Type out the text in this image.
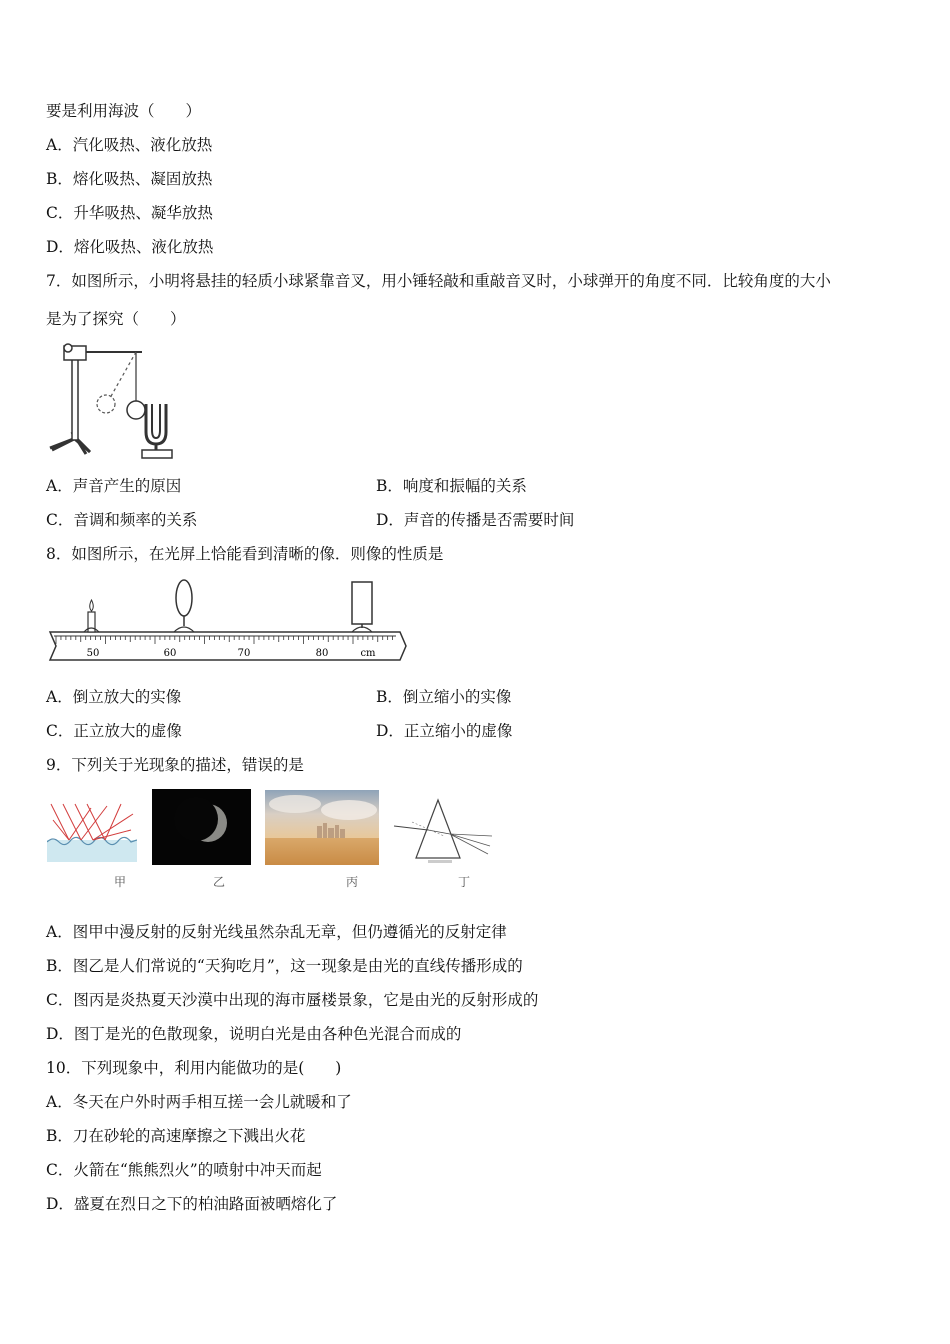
要是利用海波（　　）
A．汽化吸热、液化放热
B．熔化吸热、凝固放热
C．升华吸热、凝华放热
D．熔化吸热、液化放热
7．如图所示，小明将悬挂的轻质小球紧靠音叉，用小锤轻敲和重敲音叉时，小球弹开的角度不同．比较角度的大小
是为了探究（　　）
A．声音产生的原因	B．响度和振幅的关系
C．音调和频率的关系	D．声音的传播是否需要时间
8．如图所示，在光屏上恰能看到清晰的像．则像的性质是
50	60	70	80	cm
A．倒立放大的实像	B．倒立缩小的实像
C．正立放大的虚像	D．正立缩小的虚像
9．下列关于光现象的描述，错误的是
甲	乙	丙	丁
A．图甲中漫反射的反射光线虽然杂乱无章，但仍遵循光的反射定律
B．图乙是人们常说的“天狗吃月”，这一现象是由光的直线传播形成的
C．图丙是炎热夏天沙漠中出现的海市蜃楼景象，它是由光的反射形成的
D．图丁是光的色散现象，说明白光是由各种色光混合而成的
10．下列现象中，利用内能做功的是(　　)
A．冬天在户外时两手相互搓一会儿就暖和了
B．刀在砂轮的高速摩擦之下溅出火花
C．火箭在“熊熊烈火”的喷射中冲天而起
D．盛夏在烈日之下的柏油路面被晒熔化了
